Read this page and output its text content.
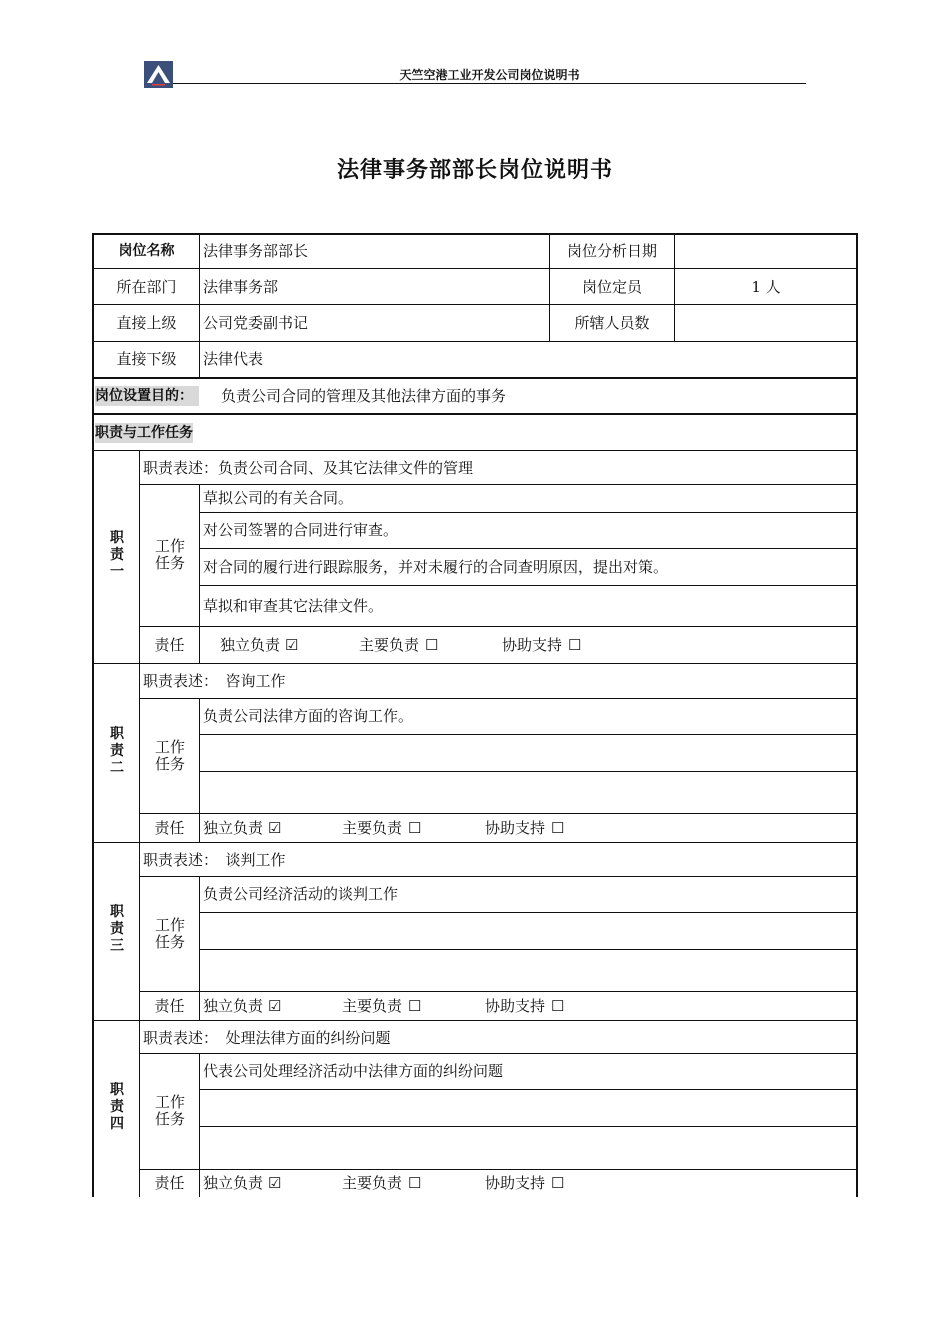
天竺空港工业开发公司岗位说明书
法律事务部部长岗位说明书
岗位名称	法律事务部部长	岗位分析日期
所在部门	法律事务部	岗位定员	1 人
直接上级	公司党委副书记	所辖人员数
直接下级	法律代表
岗位设置目的：	负责公司合同的管理及其他法律方面的事务
职责与工作任务
职责一
职责表述：负责公司合同、及其它法律文件的管理
工作任务
草拟公司的有关合同。
对公司签署的合同进行审查。
对合同的履行进行跟踪服务，并对未履行的合同查明原因，提出对策。
草拟和审查其它法律文件。
责任	独立负责 ☑	主要负责 ☐	协助支持 ☐
职责二
职责表述：　咨询工作
工作任务
负责公司法律方面的咨询工作。
责任	独立负责 ☑	主要负责 ☐	协助支持 ☐
职责三
职责表述：　谈判工作
工作任务
负责公司经济活动的谈判工作
责任	独立负责 ☑	主要负责 ☐	协助支持 ☐
职责四
职责表述：　处理法律方面的纠纷问题
工作任务
代表公司处理经济活动中法律方面的纠纷问题
责任	独立负责 ☑	主要负责 ☐	协助支持 ☐
